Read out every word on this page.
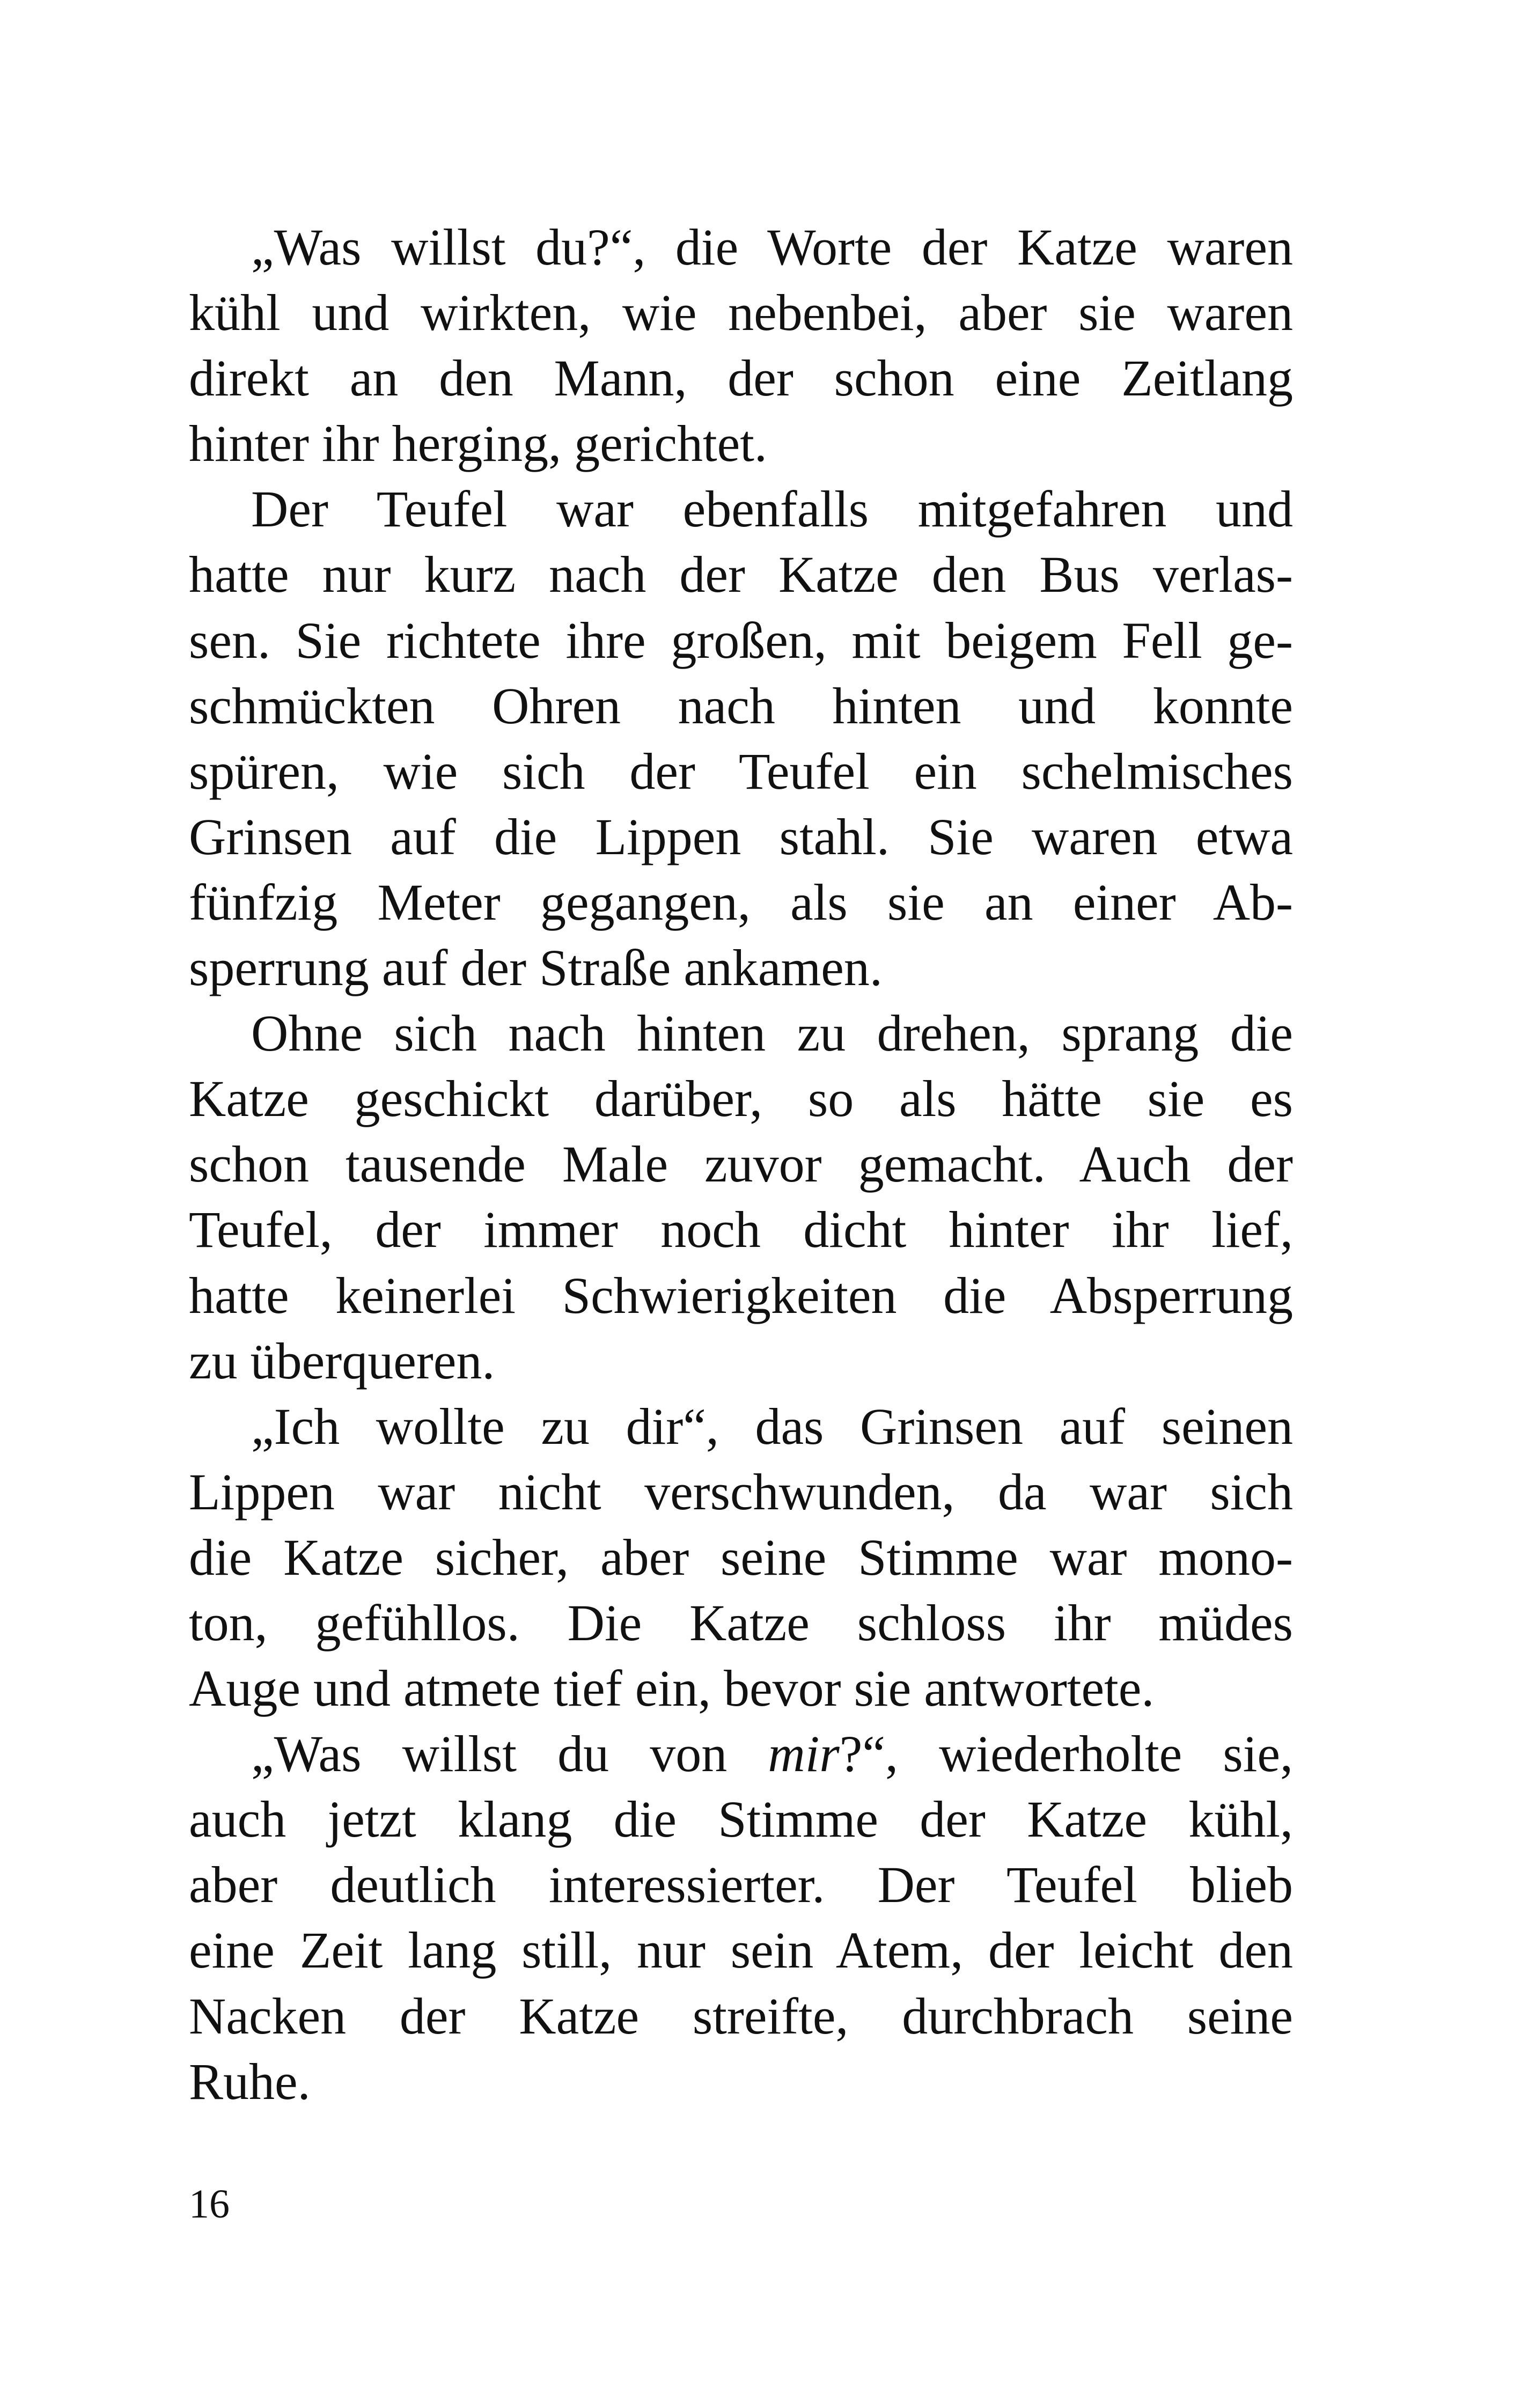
„Was willst du?“, die Worte der Katze waren
kühl und wirkten, wie nebenbei, aber sie waren
direkt an den Mann, der schon eine Zeitlang
hinter ihr herging, gerichtet.
Der Teufel war ebenfalls mitgefahren und
hatte nur kurz nach der Katze den Bus verlas-
sen. Sie richtete ihre großen, mit beigem Fell ge-
schmückten Ohren nach hinten und konnte
spüren, wie sich der Teufel ein schelmisches
Grinsen auf die Lippen stahl. Sie waren etwa
fünfzig Meter gegangen, als sie an einer Ab-
sperrung auf der Straße ankamen.
Ohne sich nach hinten zu drehen, sprang die
Katze geschickt darüber, so als hätte sie es
schon tausende Male zuvor gemacht. Auch der
Teufel, der immer noch dicht hinter ihr lief,
hatte keinerlei Schwierigkeiten die Absperrung
zu überqueren.
„Ich wollte zu dir“, das Grinsen auf seinen
Lippen war nicht verschwunden, da war sich
die Katze sicher, aber seine Stimme war mono-
ton, gefühllos. Die Katze schloss ihr müdes
Auge und atmete tief ein, bevor sie antwortete.
„Was willst du von mir?“, wiederholte sie,
auch jetzt klang die Stimme der Katze kühl,
aber deutlich interessierter. Der Teufel blieb
eine Zeit lang still, nur sein Atem, der leicht den
Nacken der Katze streifte, durchbrach seine
Ruhe.
16
